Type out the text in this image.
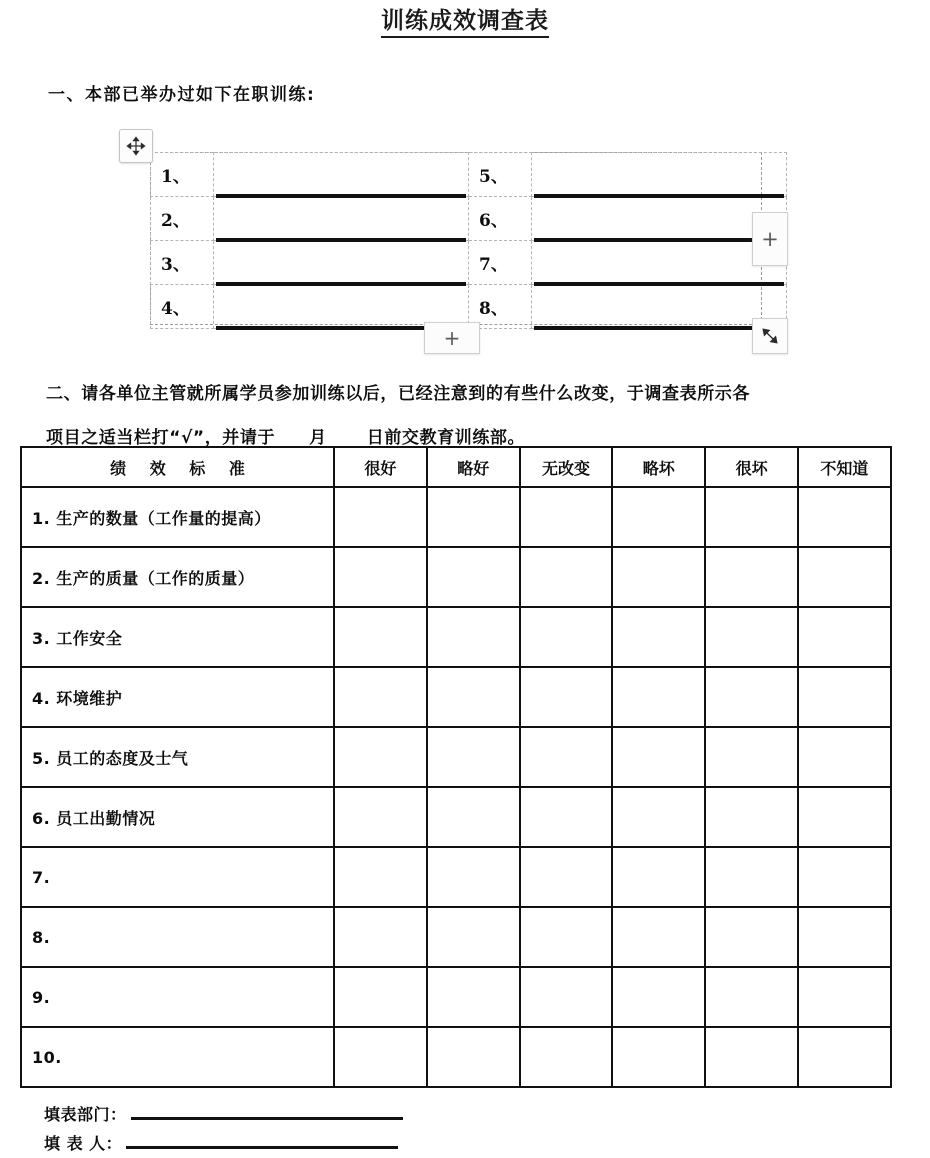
训练成效调查表
一、本部已举办过如下在职训练:
1、		5、	

2、		6、	

3、		7、	

4、		8、	
+
+
二、请各单位主管就所属学员参加训练以后，已经注意到的有些什么改变，于调查表所示各
项目之适当栏打“√”，并请于 月 日前交教育训练部。
绩 效 标 准	很好	略好	无改变	略坏	很坏	不知道
1. 生产的数量（工作量的提高）						
2. 生产的质量（工作的质量）						
3. 工作安全						
4. 环境维护						
5. 员工的态度及士气						
6. 员工出勤情况						
7.						
8.						
9.						
10.						
填表部门：
填 表 人：
